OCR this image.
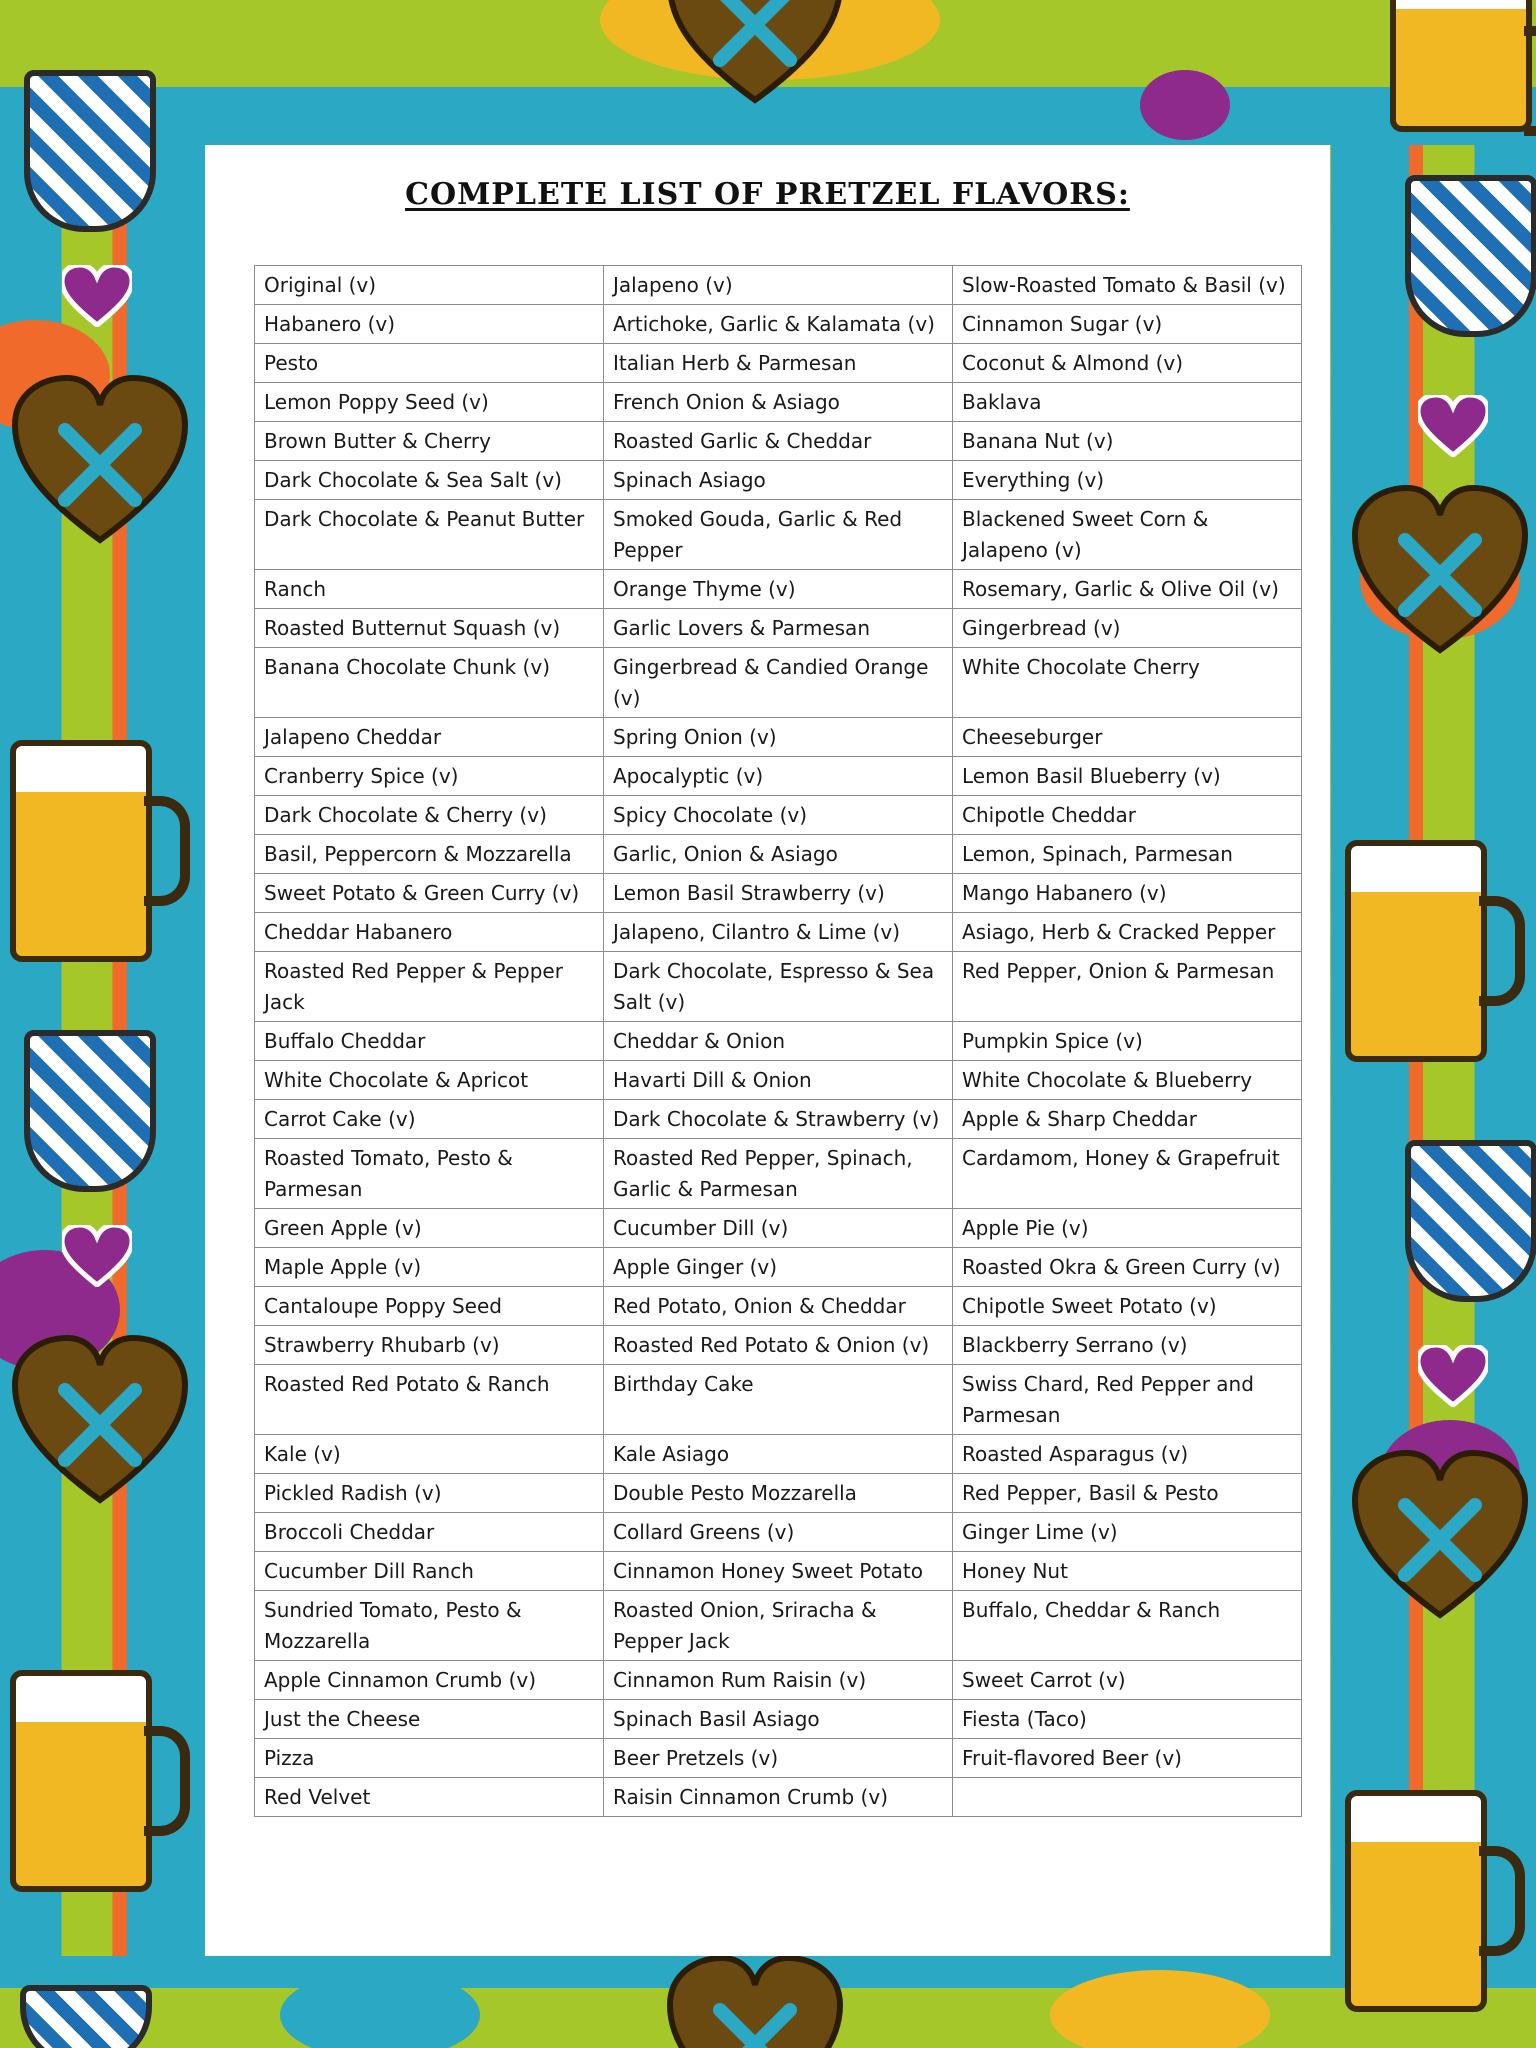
COMPLETE LIST OF PRETZEL FLAVORS:
Original (v)	Jalapeno (v)	Slow-Roasted Tomato & Basil (v)
Habanero (v)	Artichoke, Garlic & Kalamata (v)	Cinnamon Sugar (v)
Pesto	Italian Herb & Parmesan	Coconut & Almond (v)
Lemon Poppy Seed (v)	French Onion & Asiago	Baklava
Brown Butter & Cherry	Roasted Garlic & Cheddar	Banana Nut (v)
Dark Chocolate & Sea Salt (v)	Spinach Asiago	Everything (v)
Dark Chocolate & Peanut Butter	Smoked Gouda, Garlic & Red Pepper	Blackened Sweet Corn & Jalapeno (v)
Ranch	Orange Thyme (v)	Rosemary, Garlic & Olive Oil (v)
Roasted Butternut Squash (v)	Garlic Lovers & Parmesan	Gingerbread (v)
Banana Chocolate Chunk (v)	Gingerbread & Candied Orange (v)	White Chocolate Cherry
Jalapeno Cheddar	Spring Onion (v)	Cheeseburger
Cranberry Spice (v)	Apocalyptic (v)	Lemon Basil Blueberry (v)
Dark Chocolate & Cherry (v)	Spicy Chocolate (v)	Chipotle Cheddar
Basil, Peppercorn & Mozzarella	Garlic, Onion & Asiago	Lemon, Spinach, Parmesan
Sweet Potato & Green Curry (v)	Lemon Basil Strawberry (v)	Mango Habanero (v)
Cheddar Habanero	Jalapeno, Cilantro & Lime (v)	Asiago, Herb & Cracked Pepper
Roasted Red Pepper & Pepper Jack	Dark Chocolate, Espresso & Sea Salt (v)	Red Pepper, Onion & Parmesan
Buffalo Cheddar	Cheddar & Onion	Pumpkin Spice (v)
White Chocolate & Apricot	Havarti Dill & Onion	White Chocolate & Blueberry
Carrot Cake (v)	Dark Chocolate & Strawberry (v)	Apple & Sharp Cheddar
Roasted Tomato, Pesto & Parmesan	Roasted Red Pepper, Spinach, Garlic & Parmesan	Cardamom, Honey & Grapefruit
Green Apple (v)	Cucumber Dill (v)	Apple Pie (v)
Maple Apple (v)	Apple Ginger (v)	Roasted Okra & Green Curry (v)
Cantaloupe Poppy Seed	Red Potato, Onion & Cheddar	Chipotle Sweet Potato (v)
Strawberry Rhubarb (v)	Roasted Red Potato & Onion (v)	Blackberry Serrano (v)
Roasted Red Potato & Ranch	Birthday Cake	Swiss Chard, Red Pepper and Parmesan
Kale (v)	Kale Asiago	Roasted Asparagus (v)
Pickled Radish (v)	Double Pesto Mozzarella	Red Pepper, Basil & Pesto
Broccoli Cheddar	Collard Greens (v)	Ginger Lime (v)
Cucumber Dill Ranch	Cinnamon Honey Sweet Potato	Honey Nut
Sundried Tomato, Pesto & Mozzarella	Roasted Onion, Sriracha & Pepper Jack	Buffalo, Cheddar & Ranch
Apple Cinnamon Crumb (v)	Cinnamon Rum Raisin (v)	Sweet Carrot (v)
Just the Cheese	Spinach Basil Asiago	Fiesta (Taco)
Pizza	Beer Pretzels (v)	Fruit-flavored Beer (v)
Red Velvet	Raisin Cinnamon Crumb (v)	
